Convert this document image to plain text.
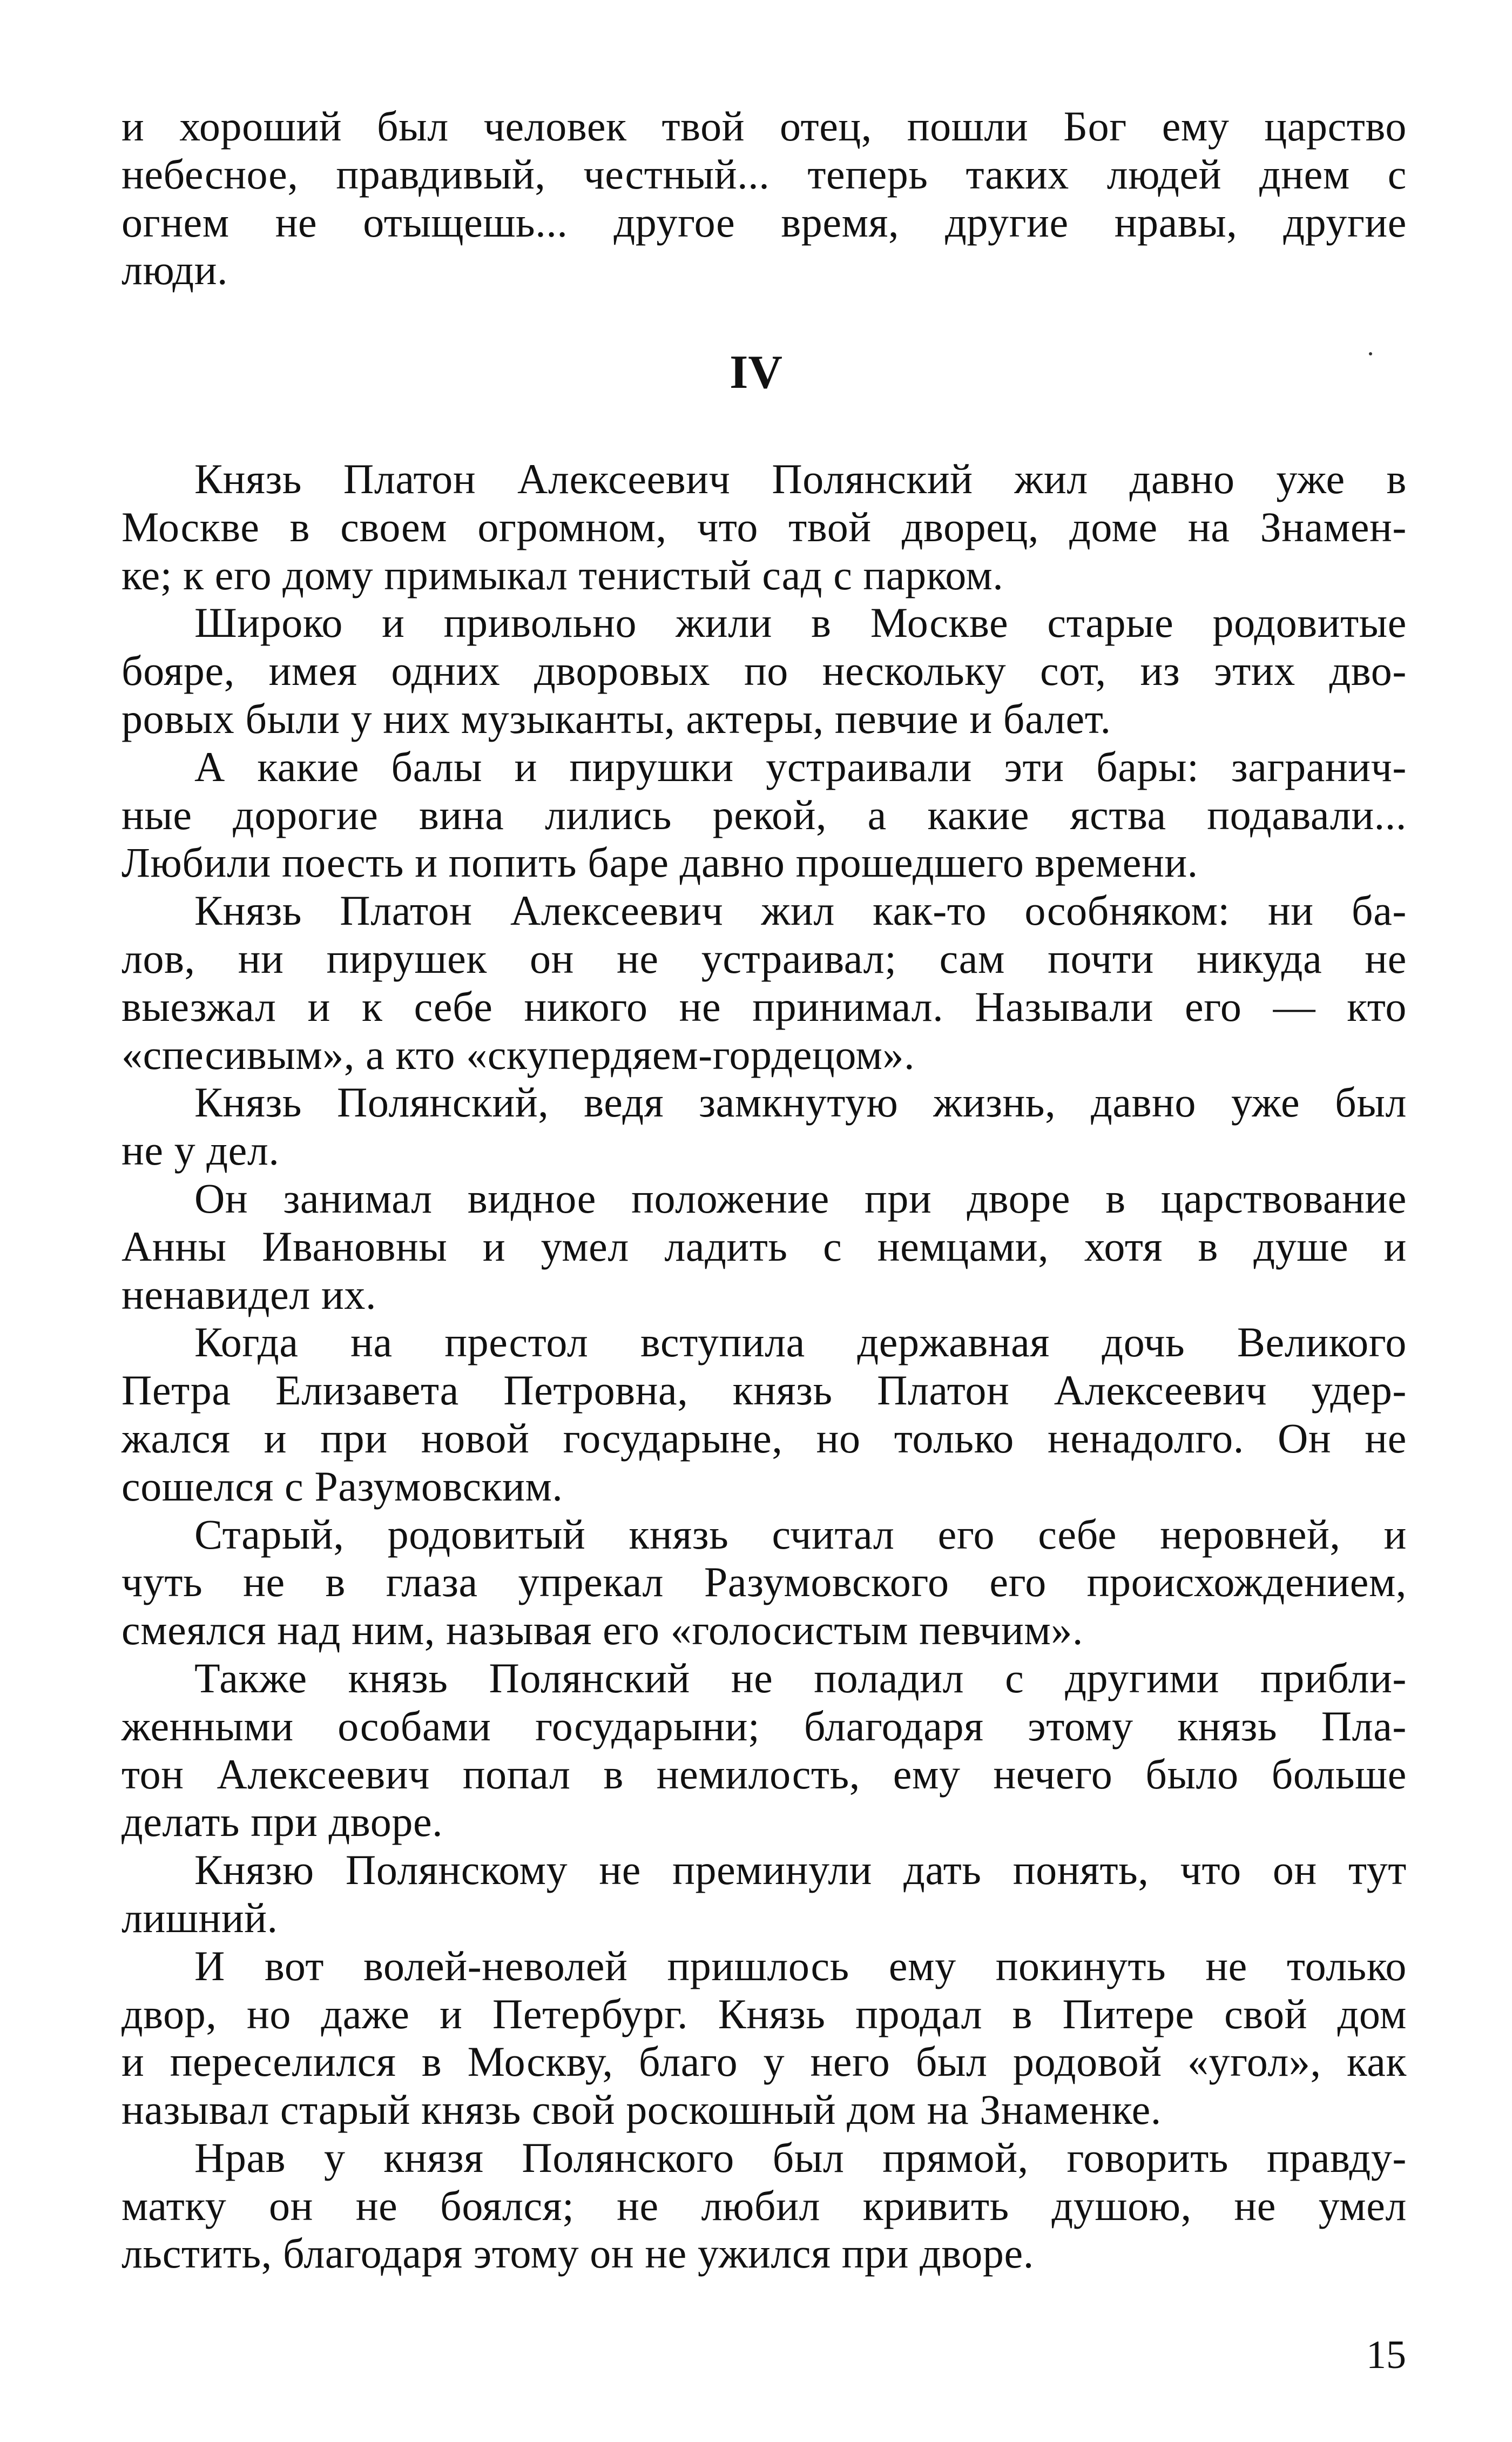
и хороший был человек твой отец, пошли Бог ему царство
небесное, правдивый, честный... теперь таких людей днем с
огнем не отыщешь... другое время, другие нравы, другие
люди.
IV
Князь Платон Алексеевич Полянский жил давно уже в
Москве в своем огромном, что твой дворец, доме на Знамен-
ке; к его дому примыкал тенистый сад с парком.
Широко и привольно жили в Москве старые родовитые
бояре, имея одних дворовых по нескольку сот, из этих дво-
ровых были у них музыканты, актеры, певчие и балет.
А какие балы и пирушки устраивали эти бары: загранич-
ные дорогие вина лились рекой, а какие яства подавали...
Любили поесть и попить баре давно прошедшего времени.
Князь Платон Алексеевич жил как-то особняком: ни ба-
лов, ни пирушек он не устраивал; сам почти никуда не
выезжал и к себе никого не принимал. Называли его — кто
«спесивым», а кто «скупердяем-гордецом».
Князь Полянский, ведя замкнутую жизнь, давно уже был
не у дел.
Он занимал видное положение при дворе в царствование
Анны Ивановны и умел ладить с немцами, хотя в душе и
ненавидел их.
Когда на престол вступила державная дочь Великого
Петра Елизавета Петровна, князь Платон Алексеевич удер-
жался и при новой государыне, но только ненадолго. Он не
сошелся с Разумовским.
Старый, родовитый князь считал его себе неровней, и
чуть не в глаза упрекал Разумовского его происхождением,
смеялся над ним, называя его «голосистым певчим».
Также князь Полянский не поладил с другими прибли-
женными особами государыни; благодаря этому князь Пла-
тон Алексеевич попал в немилость, ему нечего было больше
делать при дворе.
Князю Полянскому не преминули дать понять, что он тут
лишний.
И вот волей-неволей пришлось ему покинуть не только
двор, но даже и Петербург. Князь продал в Питере свой дом
и переселился в Москву, благо у него был родовой «угол», как
называл старый князь свой роскошный дом на Знаменке.
Нрав у князя Полянского был прямой, говорить правду-
матку он не боялся; не любил кривить душою, не умел
льстить, благодаря этому он не ужился при дворе.
15
